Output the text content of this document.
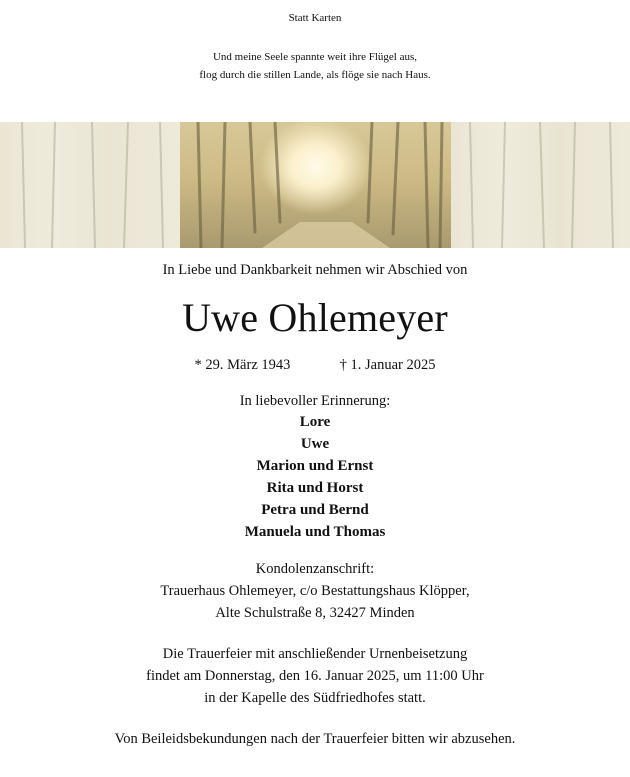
Statt Karten
Und meine Seele spannte weit ihre Flügel aus,
flog durch die stillen Lande, als flöge sie nach Haus.
In Liebe und Dankbarkeit nehmen wir Abschied von
Uwe Ohlemeyer
* 29. März 1943	† 1. Januar 2025
In liebevoller Erinnerung:
Lore
Uwe
Marion und Ernst
Rita und Horst
Petra und Bernd
Manuela und Thomas
Kondolenzanschrift:
Trauerhaus Ohlemeyer, c/o Bestattungshaus Klöpper,
Alte Schulstraße 8, 32427 Minden
Die Trauerfeier mit anschließender Urnenbeisetzung
findet am Donnerstag, den 16. Januar 2025, um 11:00 Uhr
in der Kapelle des Südfriedhofes statt.
Von Beileidsbekundungen nach der Trauerfeier bitten wir abzusehen.
